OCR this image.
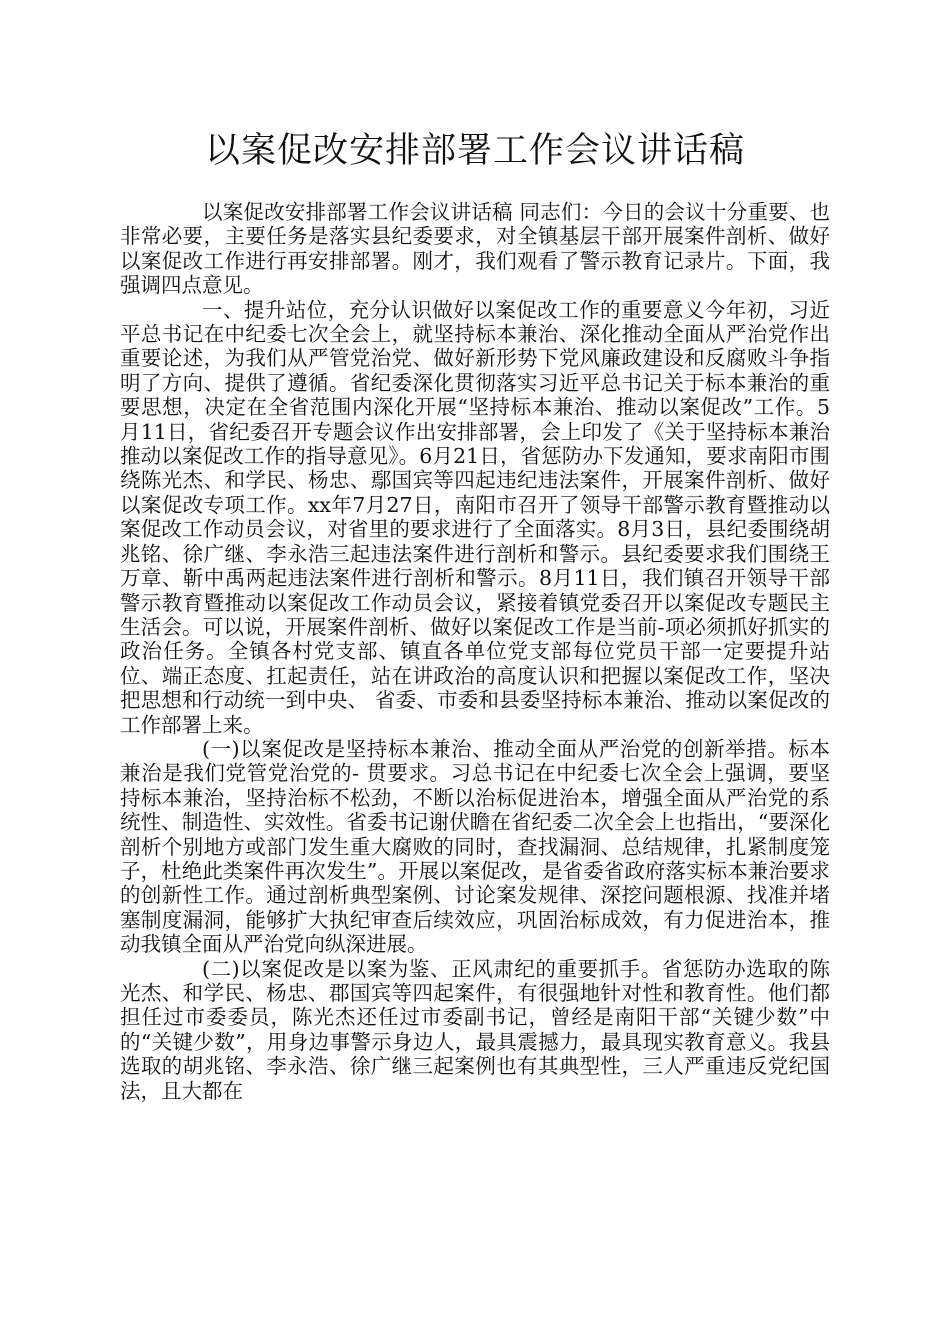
以案促改安排部署工作会议讲话稿

以案促改安排部署工作会议讲话稿 同志们：今日的会议十分重要、也非常必要，主要任务是落实县纪委要求，对全镇基层干部开展案件剖析、做好以案促改工作进行再安排部署。刚才，我们观看了警示教育记录片。下面，我强调四点意见。

一、提升站位，充分认识做好以案促改工作的重要意义今年初，习近平总书记在中纪委七次全会上，就坚持标本兼治、深化推动全面从严治党作出重要论述，为我们从严管党治党、做好新形势下党风廉政建设和反腐败斗争指明了方向、提供了遵循。省纪委深化贯彻落实习近平总书记关于标本兼治的重要思想，决定在全省范围内深化开展“坚持标本兼治、推动以案促改”工作。5月11日，省纪委召开专题会议作出安排部署，会上印发了《关于坚持标本兼治推动以案促改工作的指导意见》。6月21日，省惩防办下发通知，要求南阳市围绕陈光杰、和学民、杨忠、鄢国宾等四起违纪违法案件，开展案件剖析、做好以案促改专项工作。xx年7月27日，南阳市召开了领导干部警示教育暨推动以案促改工作动员会议，对省里的要求进行了全面落实。8月3日，县纪委围绕胡兆铭、徐广继、李永浩三起违法案件进行剖析和警示。县纪委要求我们围绕王万章、靳中禹两起违法案件进行剖析和警示。8月11日，我们镇召开领导干部警示教育暨推动以案促改工作动员会议，紧接着镇党委召开以案促改专题民主生活会。可以说，开展案件剖析、做好以案促改工作是当前-项必须抓好抓实的政治任务。全镇各村党支部、镇直各单位党支部每位党员干部一定要提升站位、端正态度、扛起责任，站在讲政治的高度认识和把握以案促改工作，坚决把思想和行动统一到中央、 省委、市委和县委坚持标本兼治、推动以案促改的工作部署上来。

(一)以案促改是坚持标本兼治、推动全面从严治党的创新举措。标本兼治是我们党管党治党的- 贯要求。习总书记在中纪委七次全会上强调，要坚持标本兼治，坚持治标不松劲，不断以治标促进治本，增强全面从严治党的系统性、制造性、实效性。省委书记谢伏瞻在省纪委二次全会上也指出，“要深化剖析个别地方或部门发生重大腐败的同时，查找漏洞、总结规律，扎紧制度笼子，杜绝此类案件再次发生”。开展以案促改，是省委省政府落实标本兼治要求的创新性工作。通过剖析典型案例、讨论案发规律、深挖问题根源、找准并堵塞制度漏洞，能够扩大执纪审查后续效应，巩固治标成效，有力促进治本，推动我镇全面从严治党向纵深进展。

(二)以案促改是以案为鉴、正风肃纪的重要抓手。省惩防办选取的陈光杰、和学民、杨忠、郡国宾等四起案件，有很强地针对性和教育性。他们都担任过市委委员，陈光杰还任过市委副书记，曾经是南阳干部“关键少数”中的“关键少数”，用身边事警示身边人，最具震撼力，最具现实教育意义。我县选取的胡兆铭、李永浩、徐广继三起案例也有其典型性，三人严重违反党纪国法，且大都在
